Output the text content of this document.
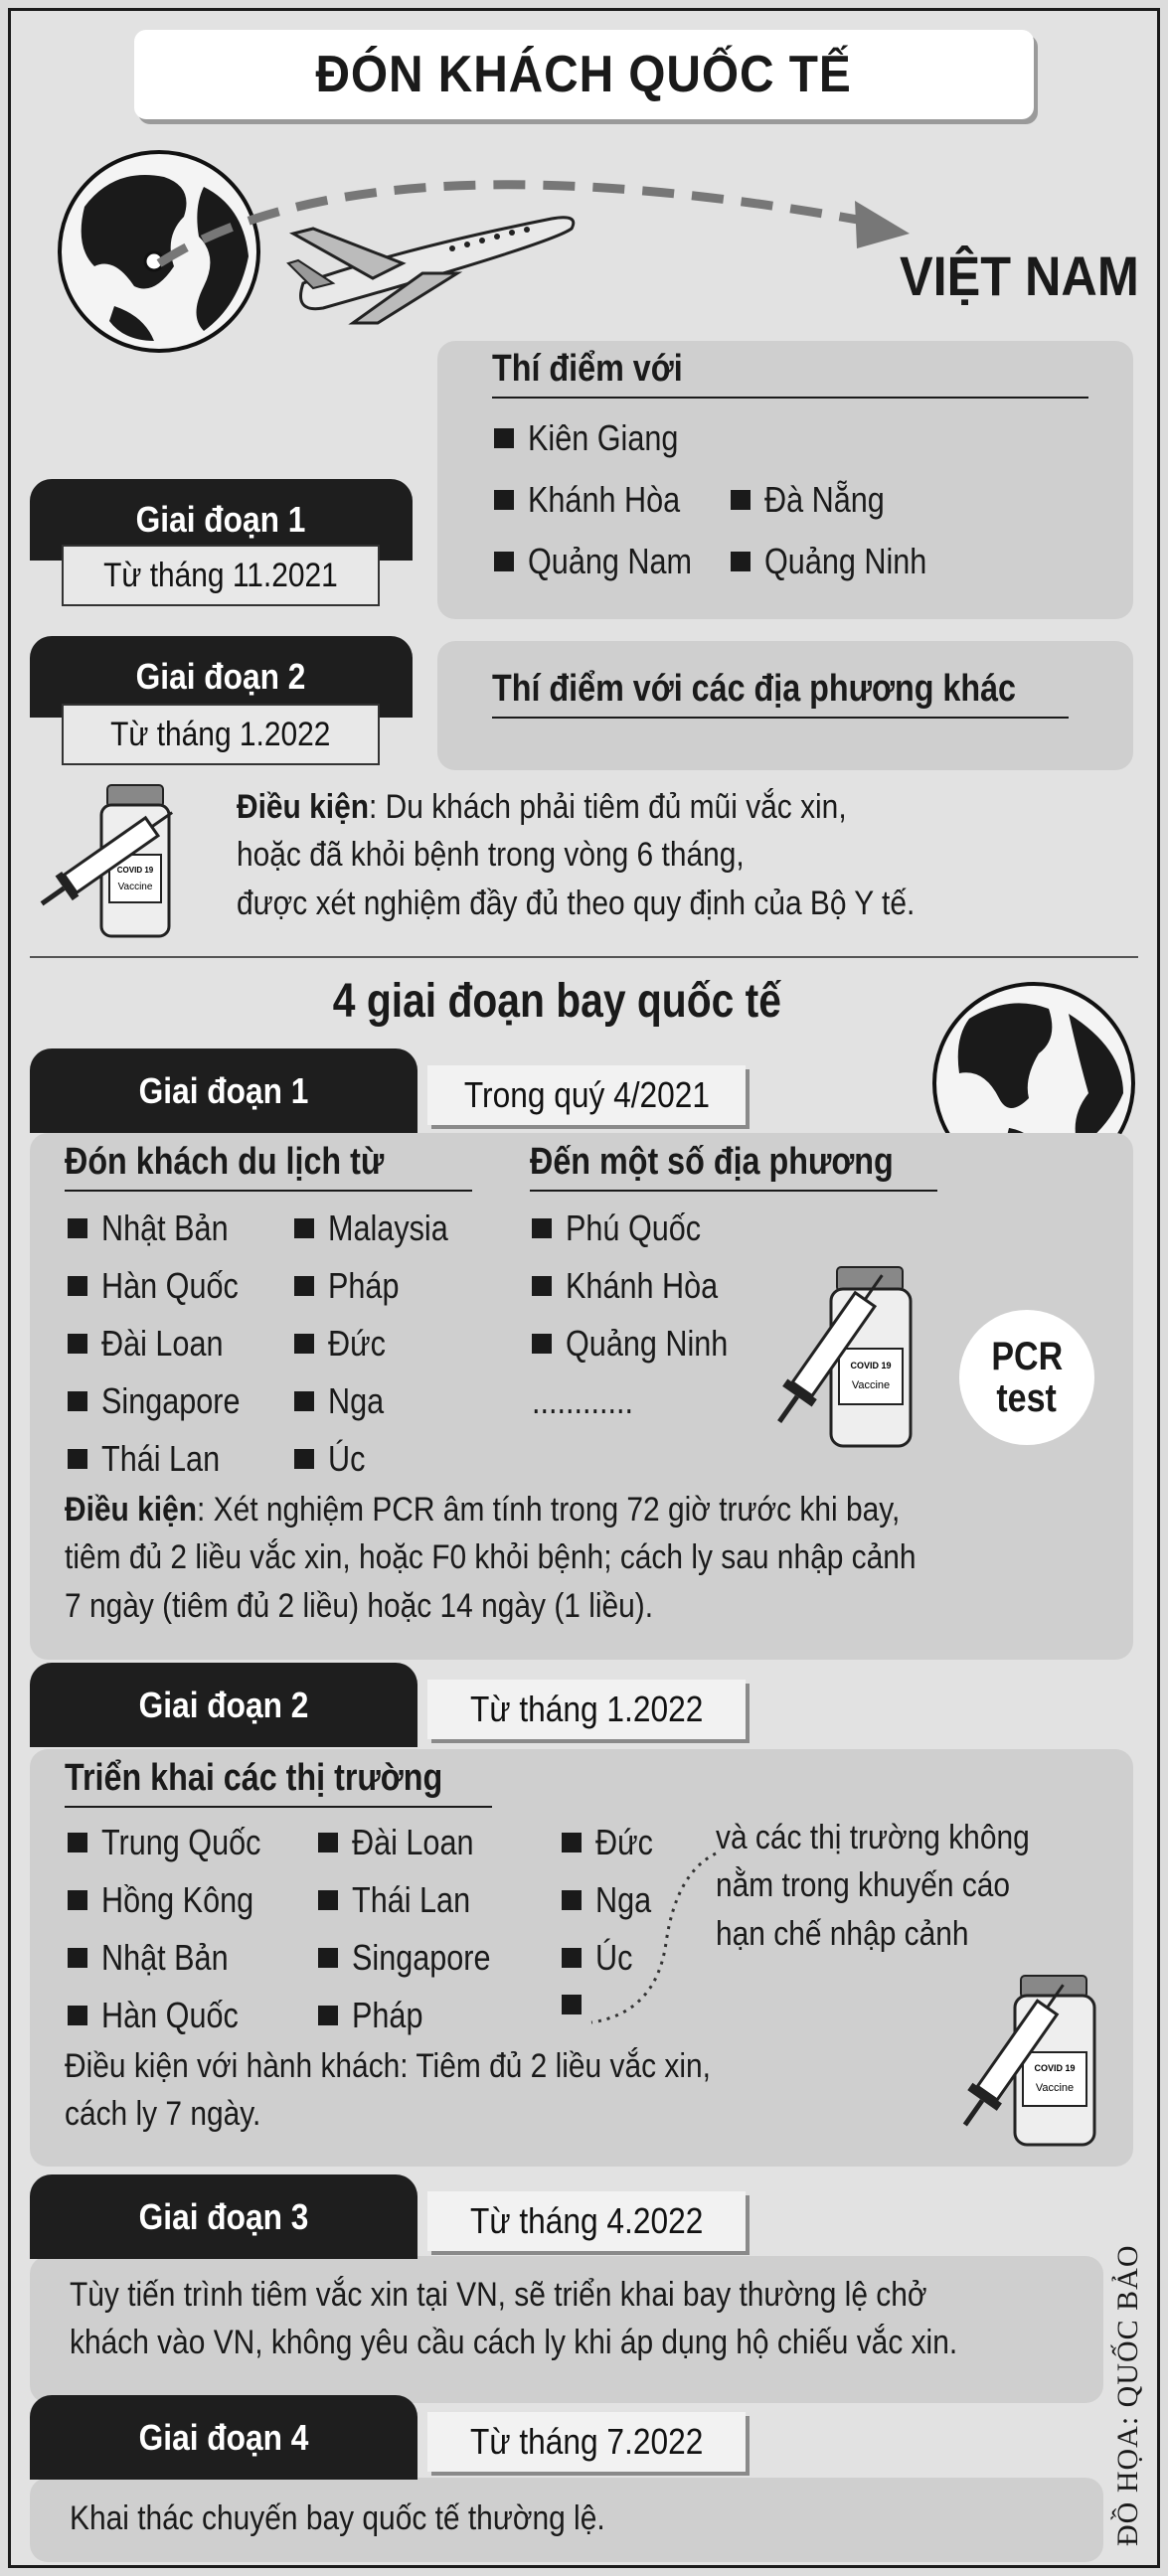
ĐÓN KHÁCH QUỐC TẾ
VIỆT NAM
Thí điểm với
Kiên Giang
Khánh Hòa Đà Nẵng
Quảng Nam Quảng Ninh
Giai đoạn 1
Từ tháng 11.2021
Giai đoạn 2
Từ tháng 1.2022
Thí điểm với các địa phương khác
COVID 19
Vaccine
Điều kiện: Du khách phải tiêm đủ mũi vắc xin,
hoặc đã khỏi bệnh trong vòng 6 tháng,
được xét nghiệm đầy đủ theo quy định của Bộ Y tế.
4 giai đoạn bay quốc tế
Giai đoạn 1	Trong quý 4/2021
Đón khách du lịch từ	Đến một số địa phương
Nhật Bản
Hàn Quốc
Đài Loan
Singapore
Thái Lan
Malaysia
Pháp
Đức
Nga
Úc
Phú Quốc
Khánh Hòa
Quảng Ninh
............
COVID 19
Vaccine
PCR
test
Điều kiện: Xét nghiệm PCR âm tính trong 72 giờ trước khi bay,
tiêm đủ 2 liều vắc xin, hoặc F0 khỏi bệnh; cách ly sau nhập cảnh
7 ngày (tiêm đủ 2 liều) hoặc 14 ngày (1 liều).
Giai đoạn 2	Từ tháng 1.2022
Triển khai các thị trường
Trung Quốc
Hồng Kông
Nhật Bản
Hàn Quốc
Đài Loan
Thái Lan
Singapore
Pháp
Đức
Nga
Úc
và các thị trường không
nằm trong khuyến cáo
hạn chế nhập cảnh
COVID 19
Vaccine
Điều kiện với hành khách: Tiêm đủ 2 liều vắc xin,
cách ly 7 ngày.
Giai đoạn 3	Từ tháng 4.2022
Tùy tiến trình tiêm vắc xin tại VN, sẽ triển khai bay thường lệ chở
khách vào VN, không yêu cầu cách ly khi áp dụng hộ chiếu vắc xin.
Giai đoạn 4	Từ tháng 7.2022
Khai thác chuyến bay quốc tế thường lệ.	ĐỒ HỌA: QUỐC BẢO
